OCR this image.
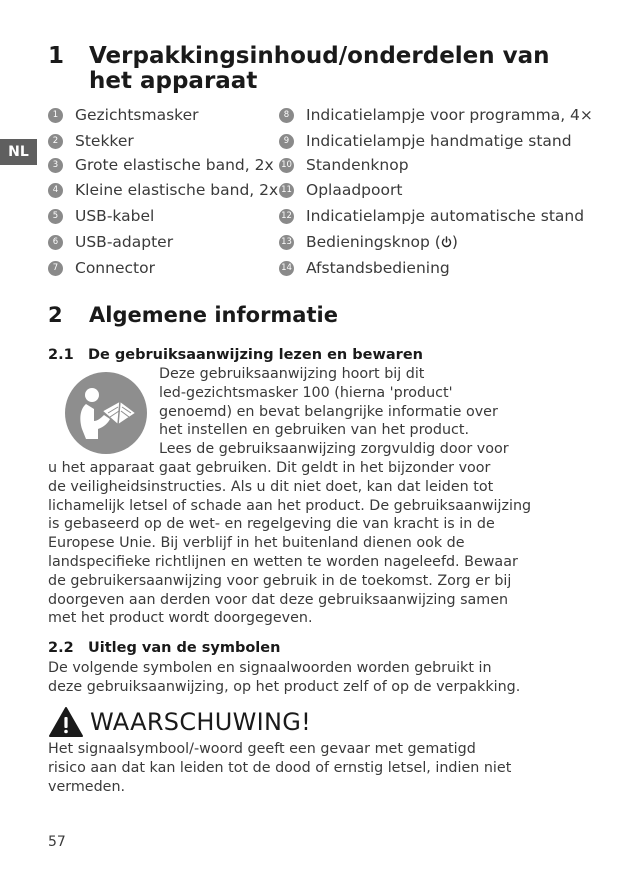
NL
1 Verpakkingsinhoud/onderdelen van het apparaat
1	Gezichtsmasker
2	Stekker
3	Grote elastische band, 2x
4	Kleine elastische band, 2x
5	USB-kabel
6	USB-adapter
7	Connector
8	Indicatielampje voor programma, 4×
9	Indicatielampje handmatige stand
10 Standenknop
11 Oplaadpoort
12 Indicatielampje automatische stand
13 Bedieningsknop ( )
14 Afstandsbediening
2 Algemene informatie
2.1 De gebruiksaanwijzing lezen en bewaren
Deze gebruiksaanwijzing hoort bij dit
led-gezichtsmasker 100 (hierna 'product'
genoemd) en bevat belangrijke informatie over
het instellen en gebruiken van het product.
Lees de gebruiksaanwijzing zorgvuldig door voor
u het apparaat gaat gebruiken. Dit geldt in het bijzonder voor
de veiligheidsinstructies. Als u dit niet doet, kan dat leiden tot
lichamelijk letsel of schade aan het product. De gebruiksaanwijzing
is gebaseerd op de wet- en regelgeving die van kracht is in de
Europese Unie. Bij verblijf in het buitenland dienen ook de
landspecifieke richtlijnen en wetten te worden nageleefd. Bewaar
de gebruikersaanwijzing voor gebruik in de toekomst. Zorg er bij
doorgeven aan derden voor dat deze gebruiksaanwijzing samen
met het product wordt doorgegeven.
2.2 Uitleg van de symbolen
De volgende symbolen en signaalwoorden worden gebruikt in
deze gebruiksaanwijzing, op het product zelf of op de verpakking.
WAARSCHUWING!
Het signaalsymbool/-woord geeft een gevaar met gematigd
risico aan dat kan leiden tot de dood of ernstig letsel, indien niet
vermeden.
57
